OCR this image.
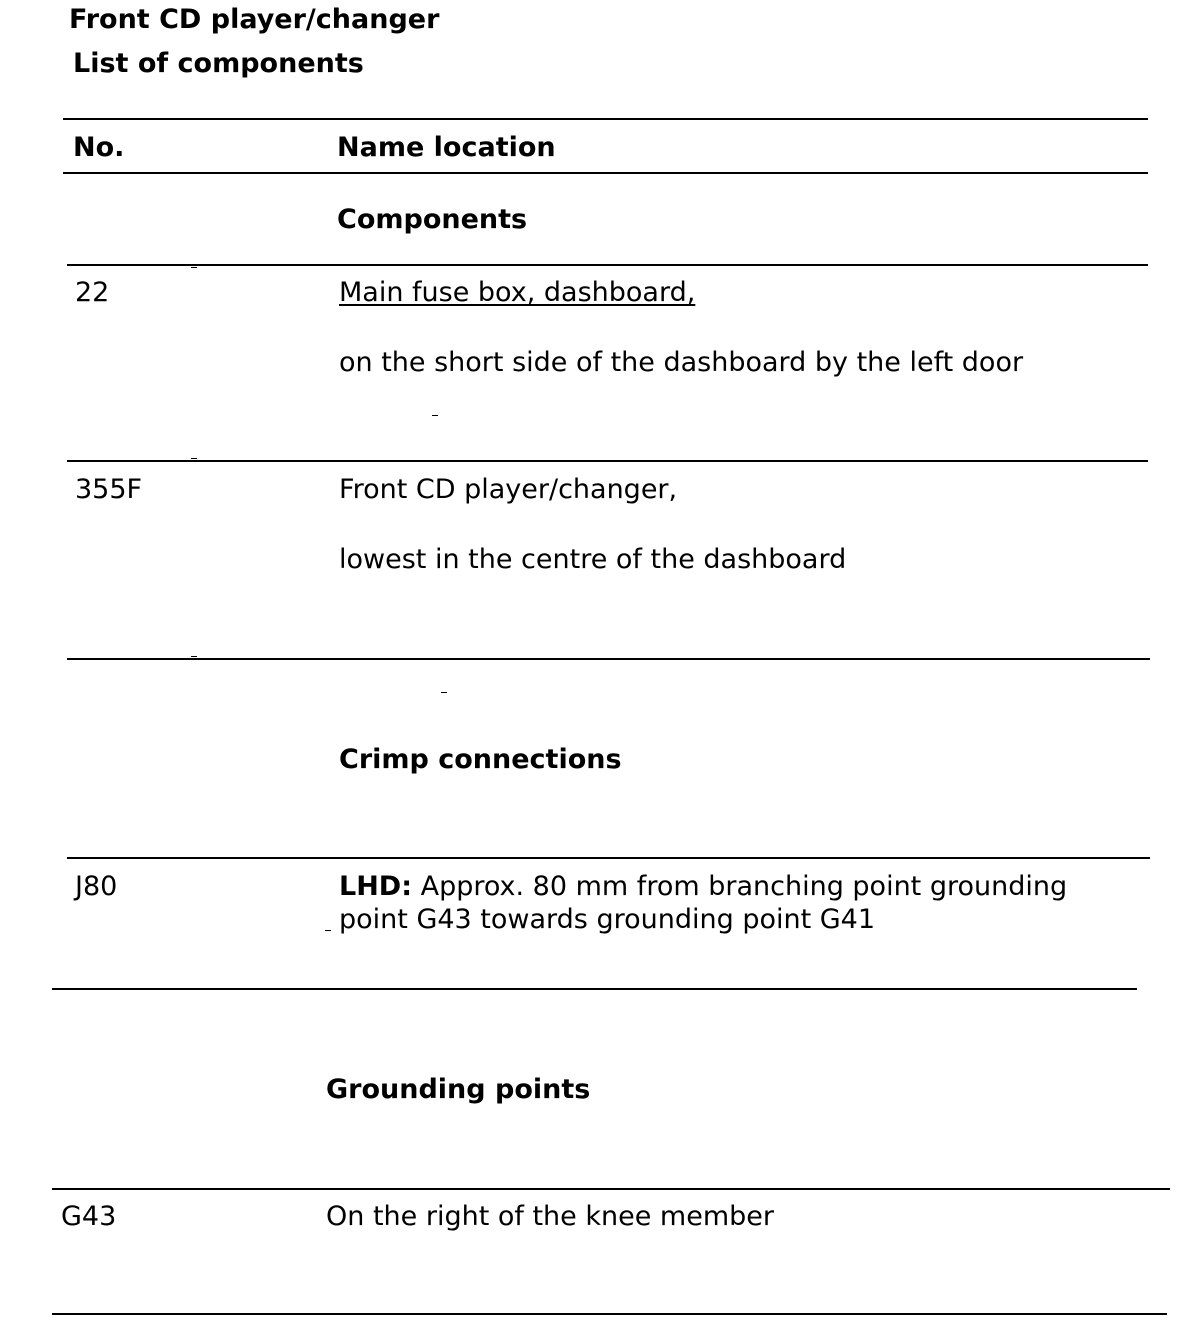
Front CD player/changer
List of components
No.	Name location
Components
22	Main fuse box, dashboard,
on the short side of the dashboard by the left door
355F	Front CD player/changer,
lowest in the centre of the dashboard
Crimp connections
J80	LHD: Approx. 80 mm from branching point grounding
point G43 towards grounding point G41
Grounding points
G43	On the right of the knee member
